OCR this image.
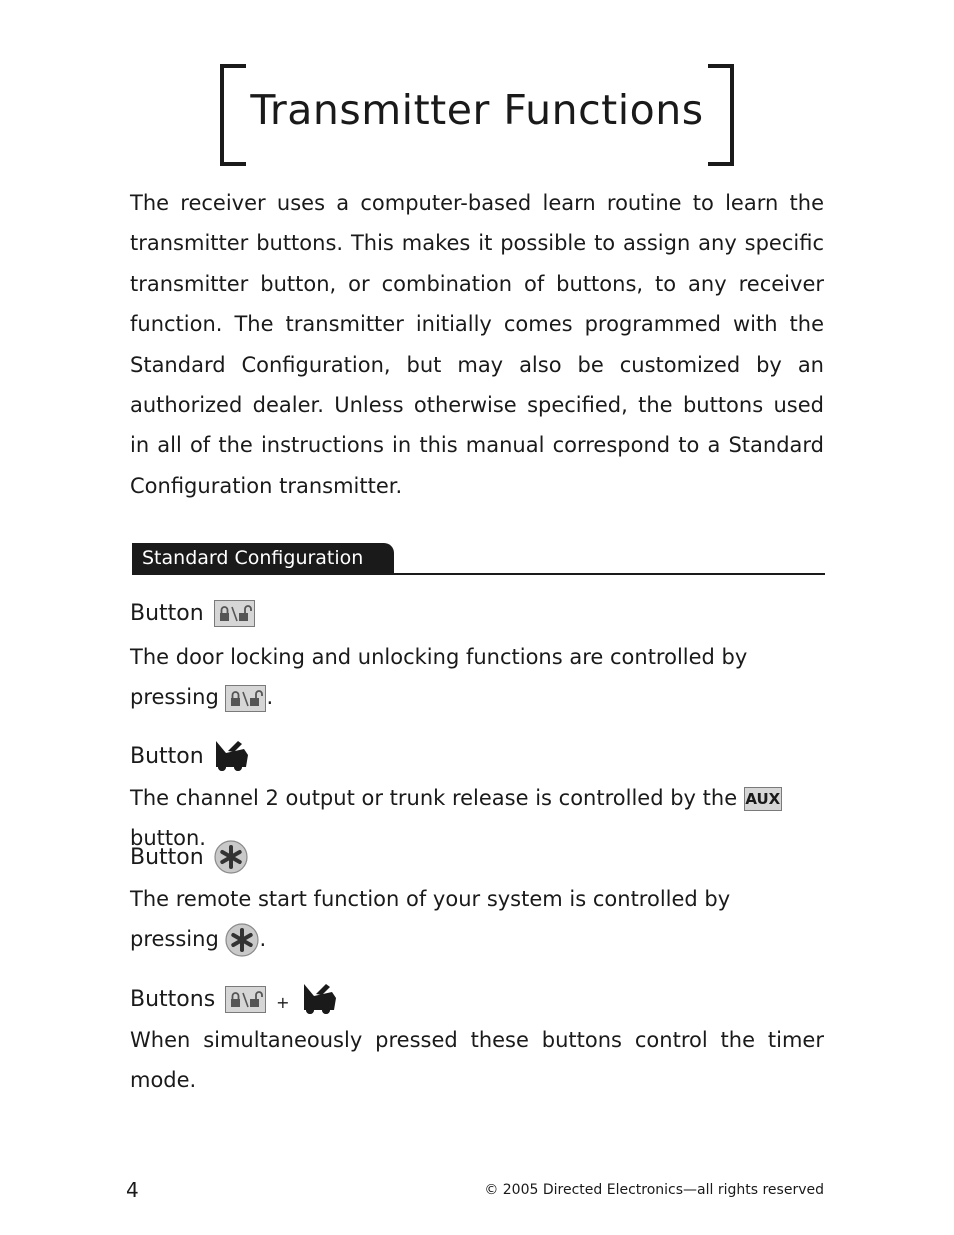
Transmitter Functions

The receiver uses a computer-based learn routine to learn the transmitter buttons. This makes it possible to assign any specific transmitter button, or combination of buttons, to any receiver function. The transmitter initially comes programmed with the Standard Configuration, but may also be customized by an authorized dealer. Unless otherwise specified, the buttons used in all of the instructions in this manual correspond to a Standard Configuration transmitter.

Standard Configuration
Button

The door locking and unlocking functions are controlled by pressing .

Button

The channel 2 output or trunk release is controlled by the AUX button.

Button

The remote start function of your system is controlled by pressing .

Buttons	+

When simultaneously pressed these buttons control the timer mode.

4	© 2005 Directed Electronics—all rights reserved
